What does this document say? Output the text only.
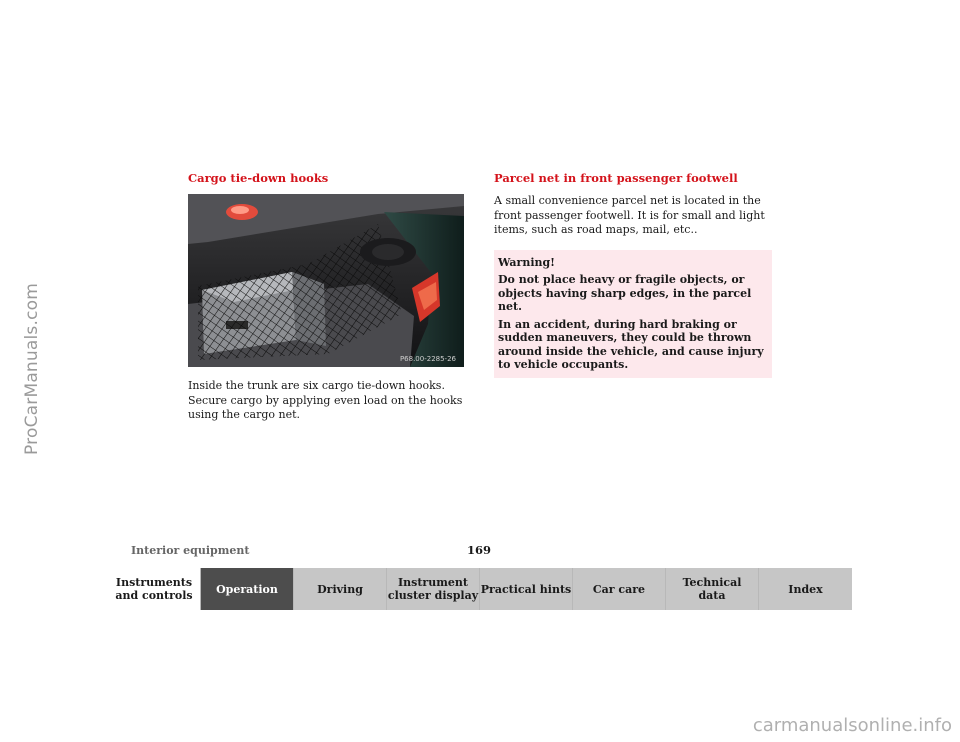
ProCarManuals.com
Cargo tie-down hooks
P68.00-2285-26

Inside the trunk are six cargo tie-down hooks. Secure cargo by applying even load on the hooks using the cargo net.

Parcel net in front passenger footwell

A small convenience parcel net is located in the front passenger footwell. It is for small and light items, such as road maps, mail, etc..

Warning!

Do not place heavy or fragile objects, or objects having sharp edges, in the parcel net.

In an accident, during hard braking or sudden maneuvers, they could be thrown around inside the vehicle, and cause injury to vehicle occupants.

Interior equipment	169
Instruments
and controls	Operation	Driving	Instrument
cluster display Practical hints	Car care	Technical
data	Index
carmanualsonline.info
